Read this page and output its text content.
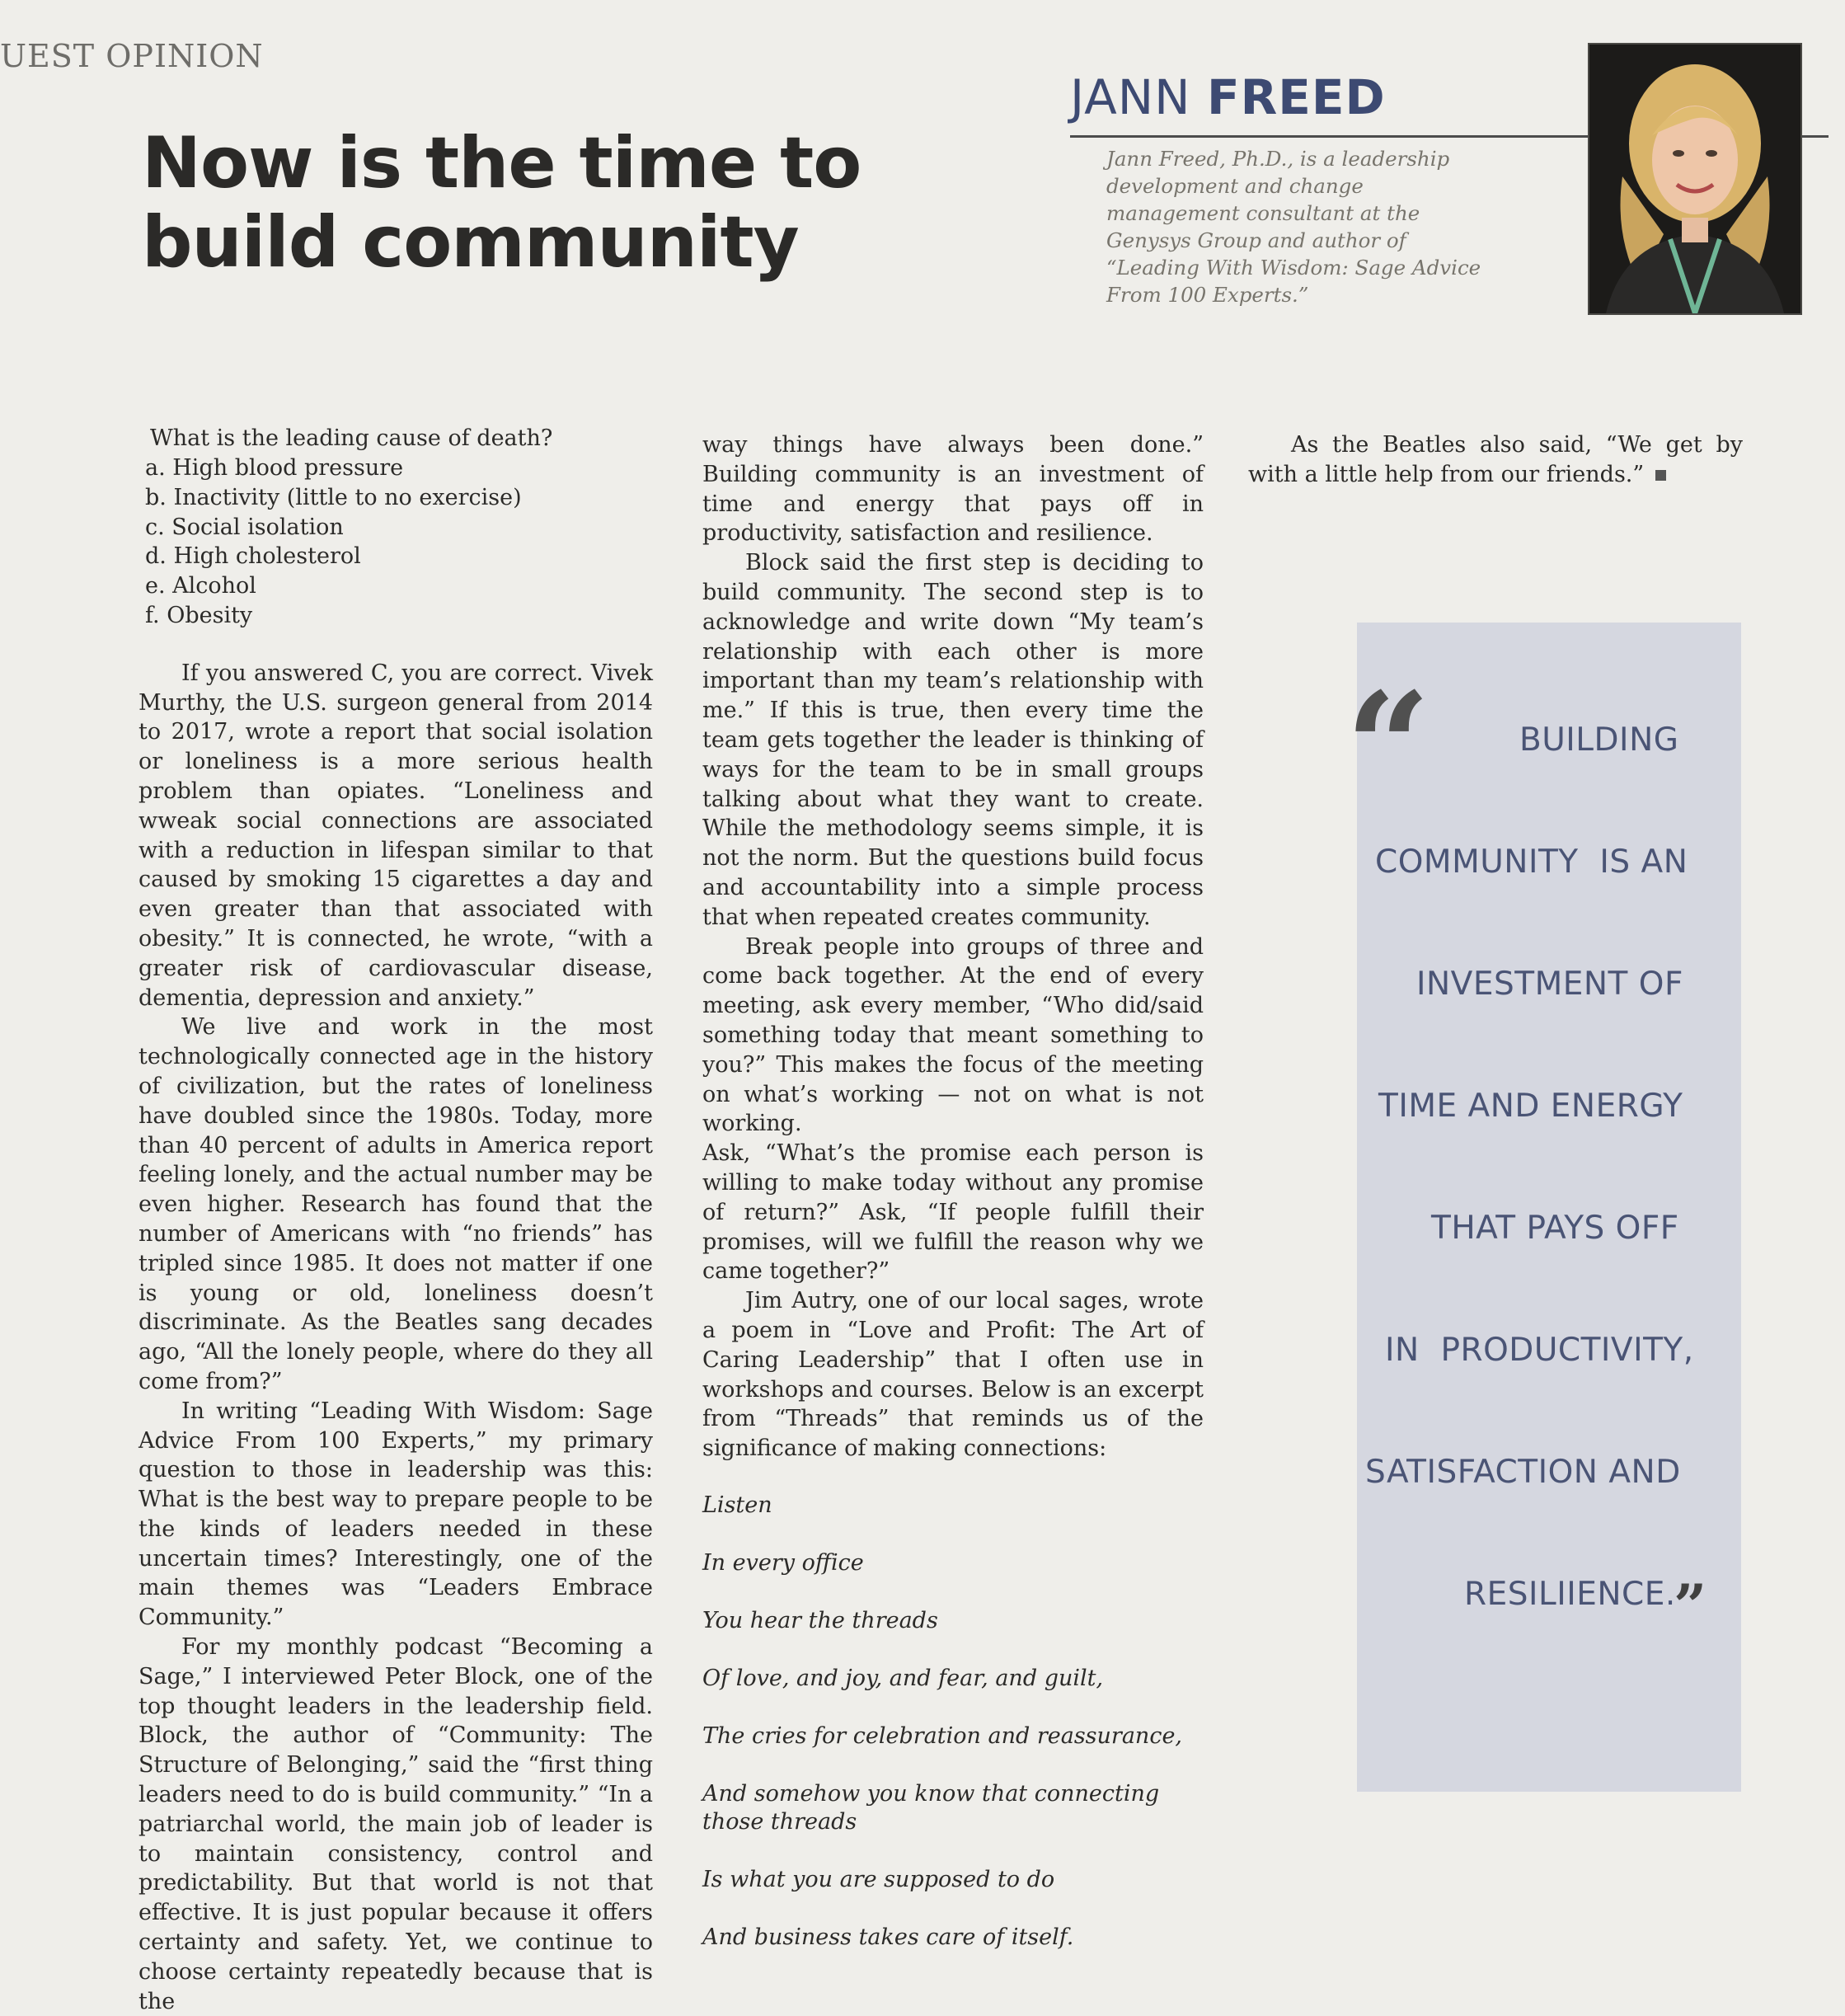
UEST OPINION
Now is the time to build community
JANN FREED
Jann Freed, Ph.D., is a leadership development and change management consultant at the Genysys Group and author of “Leading With Wisdom: Sage Advice From 100 Experts.”

What is the leading cause of death?

a. High blood pressure
b. Inactivity (little to no exercise)
c. Social isolation
d. High cholesterol
e. Alcohol
f. Obesity

If you answered C, you are correct. Vivek Murthy, the U.S. surgeon general from 2014 to 2017, wrote a report that social isolation or loneliness is a more serious health problem than opiates. “Loneliness and wweak social connections are associated with a reduction in lifespan similar to that caused by smoking 15 cigarettes a day and even greater than that associated with obesity.” It is connected, he wrote, “with a greater risk of cardiovascular disease, dementia, depression and anxiety.”

We live and work in the most technologically connected age in the history of civilization, but the rates of loneliness have doubled since the 1980s. Today, more than 40 percent of adults in America report feeling lonely, and the actual number may be even higher. Research has found that the number of Americans with “no friends” has tripled since 1985. It does not matter if one is young or old, loneliness doesn’t discriminate. As the Beatles sang decades ago, “All the lonely people, where do they all come from?”

In writing “Leading With Wisdom: Sage Advice From 100 Experts,” my primary question to those in leadership was this: What is the best way to prepare people to be the kinds of leaders needed in these uncertain times? Interestingly, one of the main themes was “Leaders Embrace Community.”

For my monthly podcast “Becoming a Sage,” I interviewed Peter Block, one of the top thought leaders in the leadership field. Block, the author of “Community: The Structure of Belonging,” said the “first thing leaders need to do is build community.” “In a patriarchal world, the main job of leader is to maintain consistency, control and predictability. But that world is not that effective. It is just popular because it offers certainty and safety. Yet, we continue to choose certainty repeatedly because that is the

way things have always been done.” Building community is an investment of time and energy that pays off in productivity, satisfaction and resilience.

Block said the first step is deciding to build community. The second step is to acknowledge and write down “My team’s relationship with each other is more important than my team’s relationship with me.” If this is true, then every time the team gets together the leader is thinking of ways for the team to be in small groups talking about what they want to create. While the methodology seems simple, it is not the norm. But the questions build focus and accountability into a simple process that when repeated creates community.

Break people into groups of three and come back together. At the end of every meeting, ask every member, “Who did/said something today that meant something to you?” This makes the focus of the meeting on what’s working — not on what is not working.

Ask, “What’s the promise each person is willing to make today without any promise of return?” Ask, “If people fulfill their promises, will we fulfill the reason why we came together?”

Jim Autry, one of our local sages, wrote a poem in “Love and Profit: The Art of Caring Leadership” that I often use in workshops and courses. Below is an excerpt from “Threads” that reminds us of the significance of making connections:

Listen

In every office

You hear the threads

Of love, and joy, and fear, and guilt,

The cries for celebration and reassurance,

And somehow you know that connecting those threads

Is what you are supposed to do

And business takes care of itself.

As the Beatles also said, “We get by with a little help from our friends.”

“	BUILDING
COMMUNITY  IS AN
INVESTMENT OF
TIME AND ENERGY
THAT PAYS OFF
IN  PRODUCTIVITY,
SATISFACTION AND
RESILIIENCE.
”
